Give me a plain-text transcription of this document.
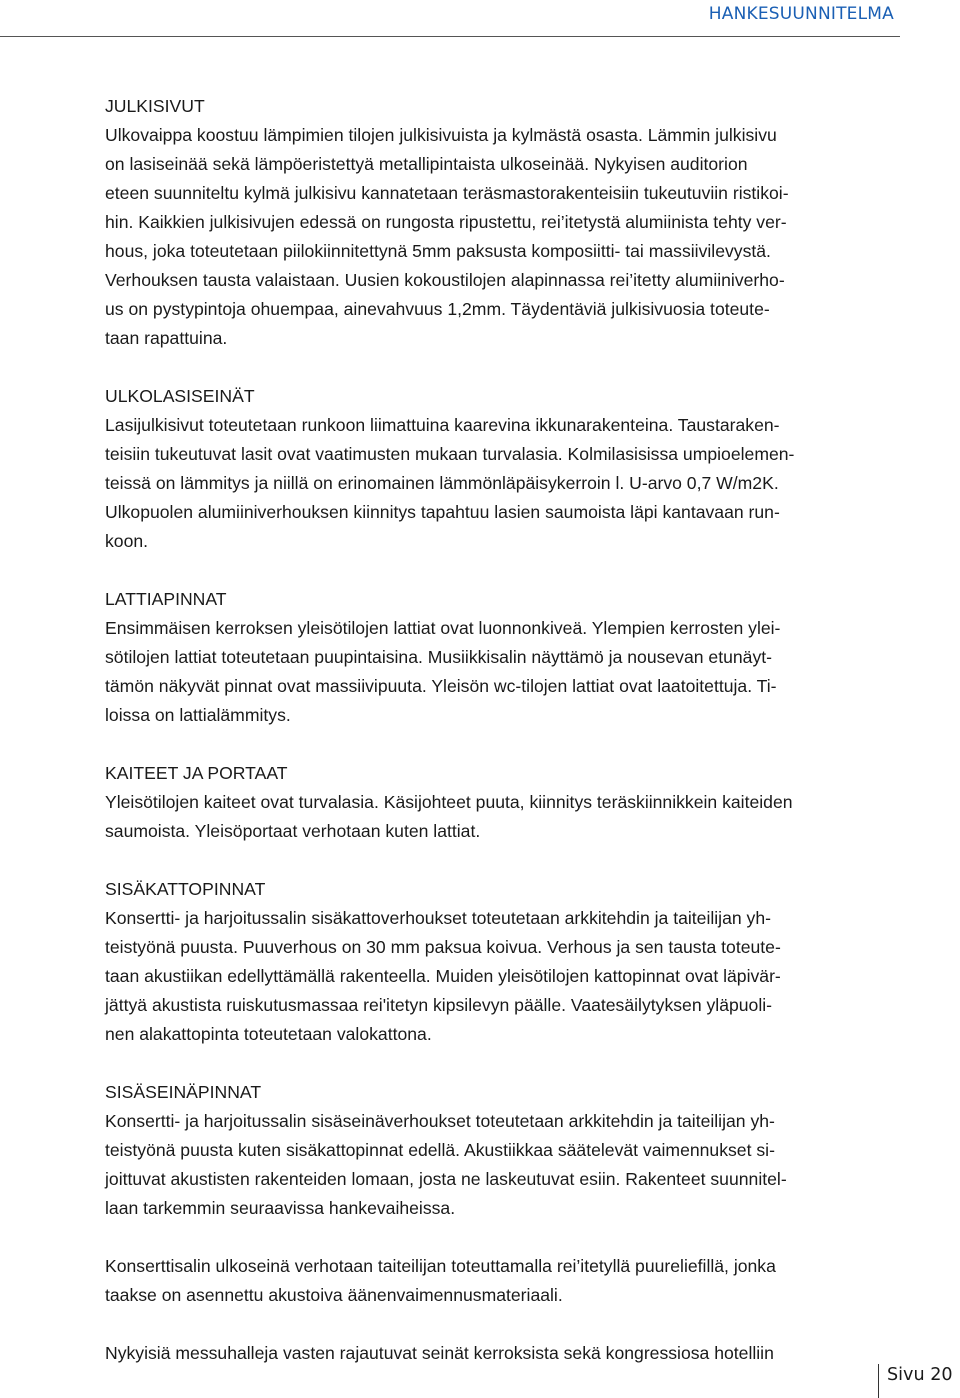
HANKESUUNNITELMA
JULKISIVUT

Ulkovaippa koostuu lämpimien tilojen julkisivuista ja kylmästä osasta. Lämmin julkisivu
on lasiseinää sekä lämpöeristettyä metallipintaista ulkoseinää. Nykyisen auditorion
eteen suunniteltu kylmä julkisivu kannatetaan teräsmastorakenteisiin tukeutuviin ristikoi-
hin. Kaikkien julkisivujen edessä on rungosta ripustettu, rei’itetystä alumiinista tehty ver-
hous, joka toteutetaan piilokiinnitettynä 5mm paksusta komposiitti- tai massiivilevystä.
Verhouksen tausta valaistaan. Uusien kokoustilojen alapinnassa rei’itetty alumiiniverho-
us on pystypintoja ohuempaa, ainevahvuus 1,2mm. Täydentäviä julkisivuosia toteute-
taan rapattuina.

ULKOLASISEINÄT

Lasijulkisivut toteutetaan runkoon liimattuina kaarevina ikkunarakenteina. Taustaraken-
teisiin tukeutuvat lasit ovat vaatimusten mukaan turvalasia. Kolmilasisissa umpioelemen-
teissä on lämmitys ja niillä on erinomainen lämmönläpäisykerroin l. U-arvo 0,7 W/m2K.
Ulkopuolen alumiiniverhouksen kiinnitys tapahtuu lasien saumoista läpi kantavaan run-
koon.

LATTIAPINNAT

Ensimmäisen kerroksen yleisötilojen lattiat ovat luonnonkiveä. Ylempien kerrosten ylei-
sötilojen lattiat toteutetaan puupintaisina. Musiikkisalin näyttämö ja nousevan etunäyt-
tämön näkyvät pinnat ovat massiivipuuta. Yleisön wc-tilojen lattiat ovat laatoitettuja. Ti-
loissa on lattialämmitys.

KAITEET JA PORTAAT

Yleisötilojen kaiteet ovat turvalasia. Käsijohteet puuta, kiinnitys teräskiinnikkein kaiteiden
saumoista. Yleisöportaat verhotaan kuten lattiat.

SISÄKATTOPINNAT

Konsertti- ja harjoitussalin sisäkattoverhoukset toteutetaan arkkitehdin ja taiteilijan yh-
teistyönä puusta. Puuverhous on 30 mm paksua koivua. Verhous ja sen tausta toteute-
taan akustiikan edellyttämällä rakenteella. Muiden yleisötilojen kattopinnat ovat läpivär-
jättyä akustista ruiskutusmassaa rei'itetyn kipsilevyn päälle. Vaatesäilytyksen yläpuoli-
nen alakattopinta toteutetaan valokattona.

SISÄSEINÄPINNAT

Konsertti- ja harjoitussalin sisäseinäverhoukset toteutetaan arkkitehdin ja taiteilijan yh-
teistyönä puusta kuten sisäkattopinnat edellä. Akustiikkaa säätelevät vaimennukset si-
joittuvat akustisten rakenteiden lomaan, josta ne laskeutuvat esiin. Rakenteet suunnitel-
laan tarkemmin seuraavissa hankevaiheissa.

Konserttisalin ulkoseinä verhotaan taiteilijan toteuttamalla rei’itetyllä puureliefillä, jonka
taakse on asennettu akustoiva äänenvaimennusmateriaali.

Nykyisiä messuhalleja vasten rajautuvat seinät kerroksista sekä kongressiosa hotelliin

Sivu 20
